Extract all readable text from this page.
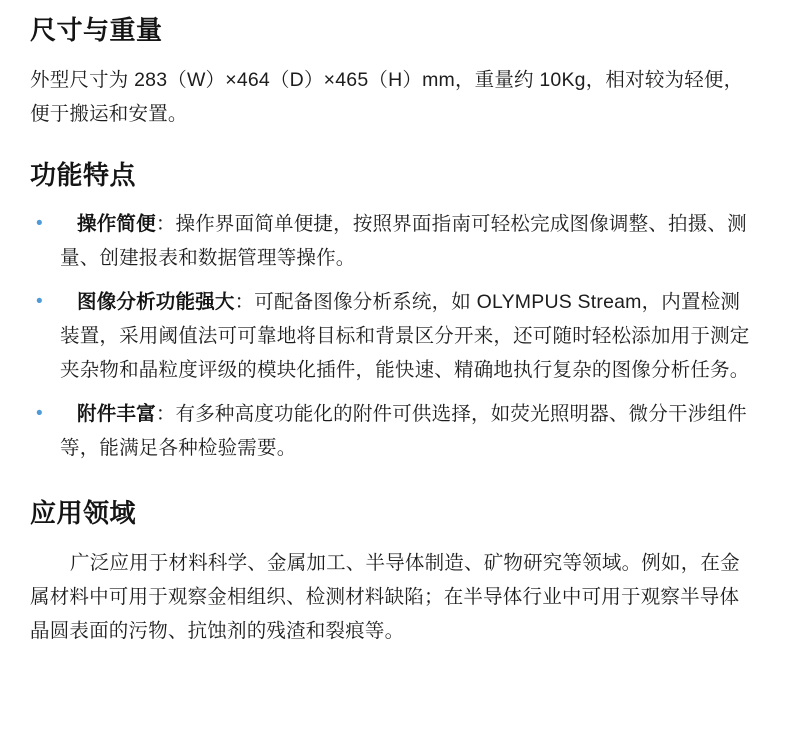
尺寸与重量

外型尺寸为 283（W）×464（D）×465（H）mm，重量约 10Kg，相对较为轻便，便于搬运和安置。

功能特点
•	操作简便：操作界面简单便捷，按照界面指南可轻松完成图像调整、拍摄、测量、创建报表和数据管理等操作。
•	图像分析功能强大：可配备图像分析系统，如 OLYMPUS Stream，内置检测装置，采用阈值法可可靠地将目标和背景区分开来，还可随时轻松添加用于测定夹杂物和晶粒度评级的模块化插件，能快速、精确地执行复杂的图像分析任务。
•	附件丰富：有多种高度功能化的附件可供选择，如荧光照明器、微分干涉组件等，能满足各种检验需要。
应用领域

广泛应用于材料科学、金属加工、半导体制造、矿物研究等领域。例如，在金属材料中可用于观察金相组织、检测材料缺陷；在半导体行业中可用于观察半导体晶圆表面的污物、抗蚀剂的残渣和裂痕等。
